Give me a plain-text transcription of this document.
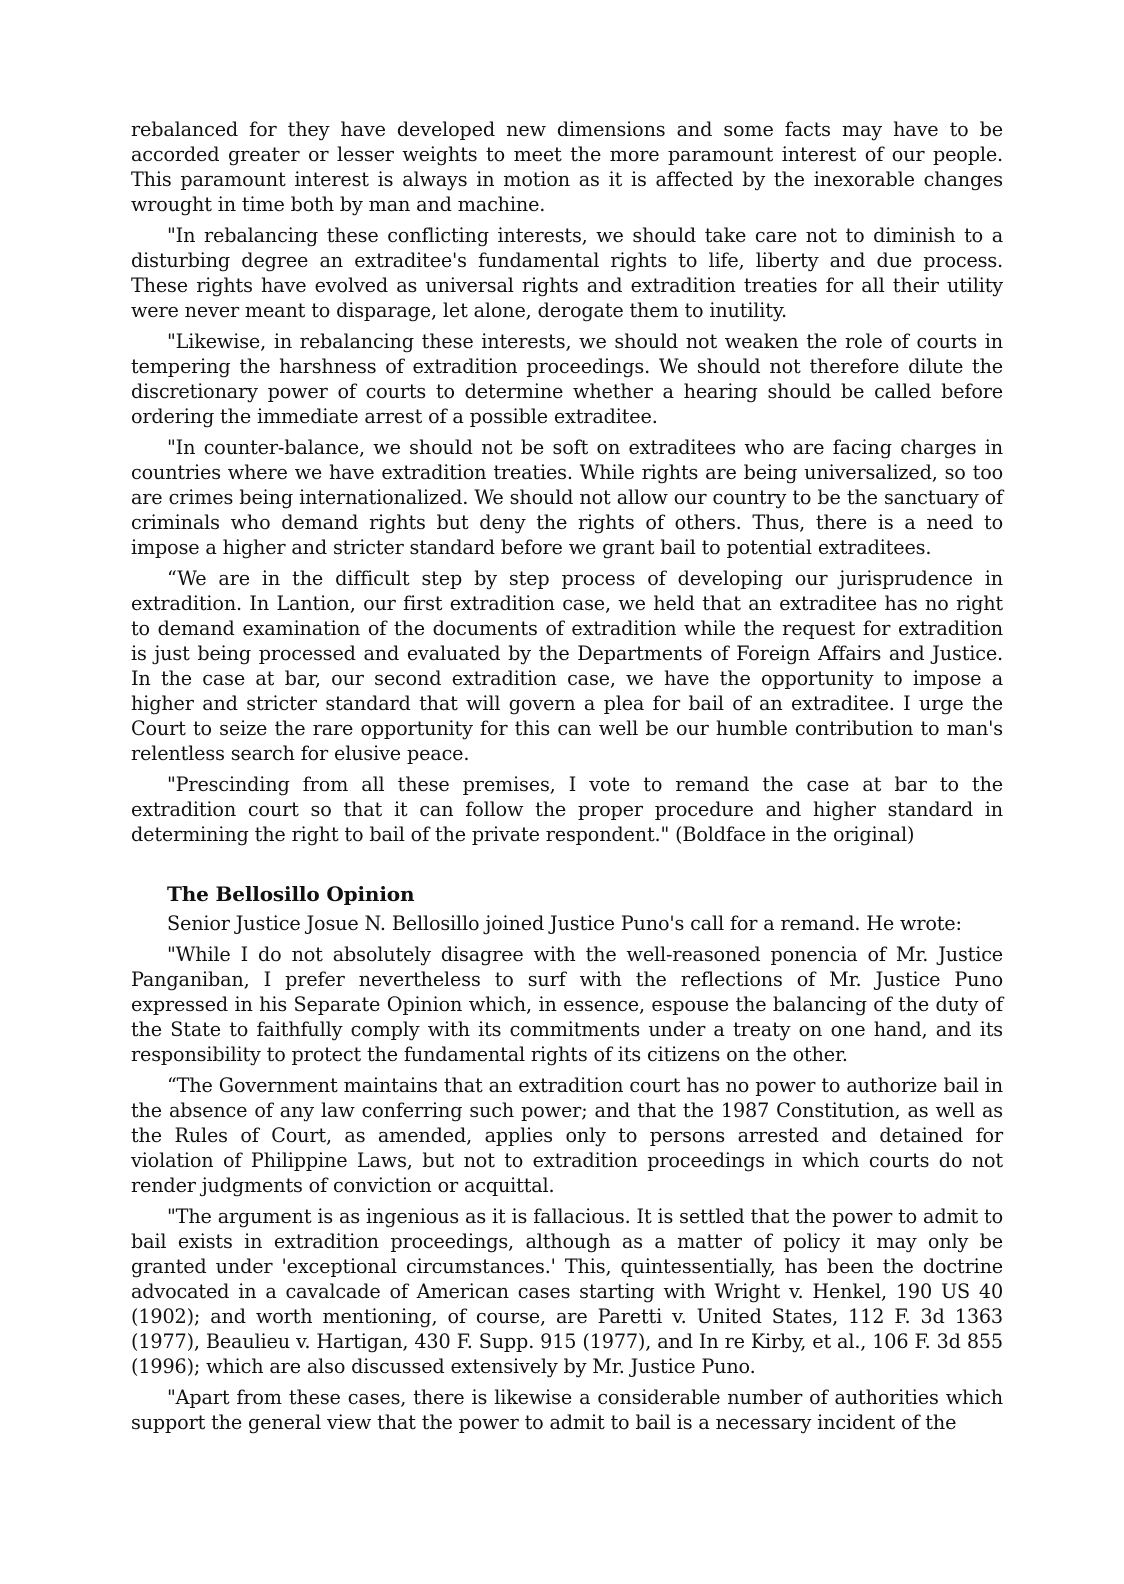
rebalanced for they have developed new dimensions and some facts may have to be accorded greater or lesser weights to meet the more paramount interest of our people. This paramount interest is always in motion as it is affected by the inexorable changes wrought in time both by man and machine.

"In rebalancing these conflicting interests, we should take care not to diminish to a disturbing degree an extraditee's fundamental rights to life, liberty and due process. These rights have evolved as universal rights and extradition treaties for all their utility were never meant to disparage, let alone, derogate them to inutility.

"Likewise, in rebalancing these interests, we should not weaken the role of courts in tempering the harshness of extradition proceedings. We should not therefore dilute the discretionary power of courts to determine whether a hearing should be called before ordering the immediate arrest of a possible extraditee.

"In counter-balance, we should not be soft on extraditees who are facing charges in countries where we have extradition treaties. While rights are being universalized, so too are crimes being internationalized. We should not allow our country to be the sanctuary of criminals who demand rights but deny the rights of others. Thus, there is a need to impose a higher and stricter standard before we grant bail to potential extraditees.

“We are in the difficult step by step process of developing our jurisprudence in extradition. In Lantion, our first extradition case, we held that an extraditee has no right to demand examination of the documents of extradition while the request for extradition is just being processed and evaluated by the Departments of Foreign Affairs and Justice. In the case at bar, our second extradition case, we have the opportunity to impose a higher and stricter standard that will govern a plea for bail of an extraditee. I urge the Court to seize the rare opportunity for this can well be our humble contribution to man's relentless search for elusive peace.

"Prescinding from all these premises, I vote to remand the case at bar to the extradition court so that it can follow the proper procedure and higher standard in determining the right to bail of the private respondent." (Boldface in the original)

The Bellosillo Opinion

Senior Justice Josue N. Bellosillo joined Justice Puno's call for a remand. He wrote:

"While I do not absolutely disagree with the well-reasoned ponencia of Mr. Justice Panganiban, I prefer nevertheless to surf with the reflections of Mr. Justice Puno expressed in his Separate Opinion which, in essence, espouse the balancing of the duty of the State to faithfully comply with its commitments under a treaty on one hand, and its responsibility to protect the fundamental rights of its citizens on the other.

“The Government maintains that an extradition court has no power to authorize bail in the absence of any law conferring such power; and that the 1987 Constitution, as well as the Rules of Court, as amended, applies only to persons arrested and detained for violation of Philippine Laws, but not to extradition proceedings in which courts do not render judgments of conviction or acquittal.

"The argument is as ingenious as it is fallacious. It is settled that the power to admit to bail exists in extradition proceedings, although as a matter of policy it may only be granted under 'exceptional circumstances.' This, quintessentially, has been the doctrine advocated in a cavalcade of American cases starting with Wright v. Henkel, 190 US 40 (1902); and worth mentioning, of course, are Paretti v. United States, 112 F. 3d 1363 (1977), Beaulieu v. Hartigan, 430 F. Supp. 915 (1977), and In re Kirby, et al., 106 F. 3d 855 (1996); which are also discussed extensively by Mr. Justice Puno.

"Apart from these cases, there is likewise a considerable number of authorities which support the general view that the power to admit to bail is a necessary incident of the
